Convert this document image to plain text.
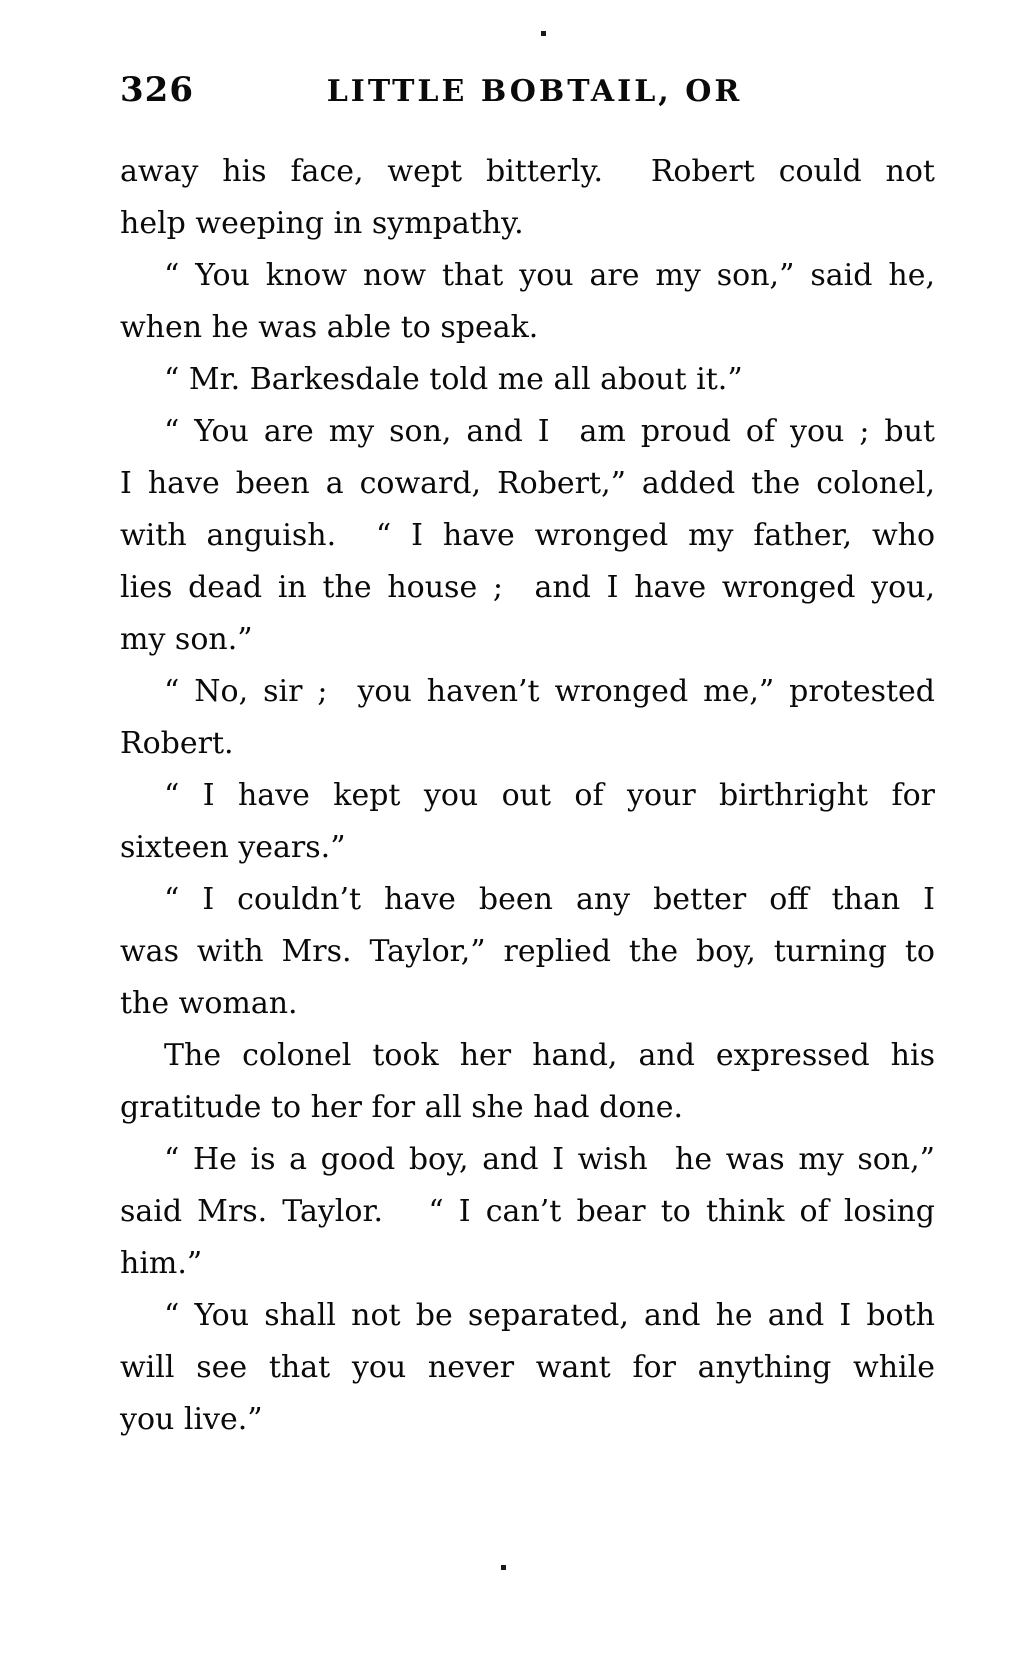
326	LITTLE BOBTAIL, OR
away his face, wept bitterly.  Robert could not
help weeping in sympathy.
“ You know now that you are my son,” said he,
when he was able to speak.
“ Mr. Barkesdale told me all about it.”
“ You are my son, and I  am proud of you ; but
I have been a coward, Robert,” added the colonel,
with anguish.  “ I have wronged my father, who
lies dead in the house ;  and I have wronged you,
my son.”
“ No, sir ;  you haven’t wronged me,” protested
Robert.
“ I have kept you out of your birthright for
sixteen years.”
“ I couldn’t have been any better off than I
was with Mrs. Taylor,” replied the boy, turning to
the woman.
The colonel took her hand, and expressed his
gratitude to her for all she had done.
“ He is a good boy, and I wish  he was my son,”
said Mrs. Taylor.   “ I can’t bear to think of losing
him.”
“ You shall not be separated, and he and I both
will see that you never want for anything while
you live.”
